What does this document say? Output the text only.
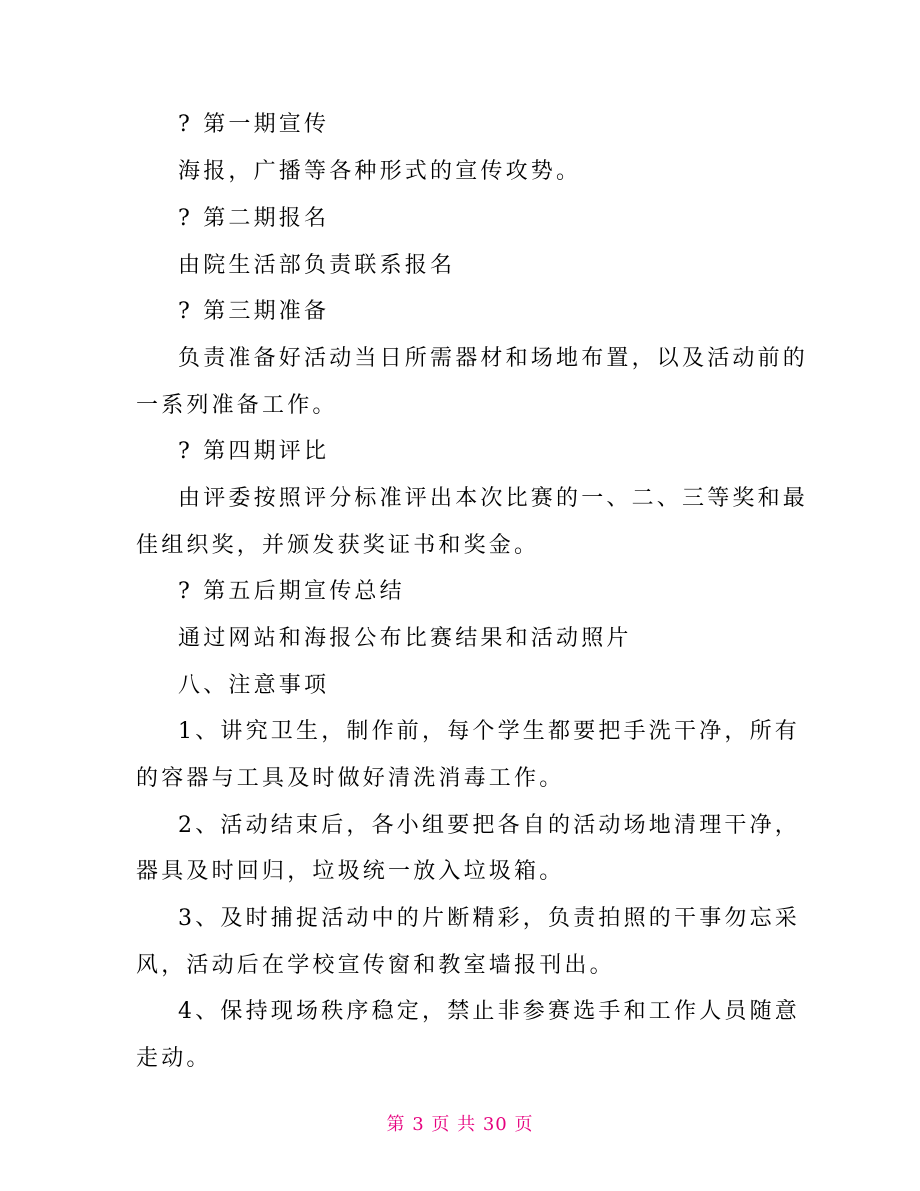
? 第一期宣传
海报，广播等各种形式的宣传攻势。
? 第二期报名
由院生活部负责联系报名
? 第三期准备
负责准备好活动当日所需器材和场地布置，以及活动前的
一系列准备工作。
? 第四期评比
由评委按照评分标准评出本次比赛的一、二、三等奖和最
佳组织奖，并颁发获奖证书和奖金。
? 第五后期宣传总结
通过网站和海报公布比赛结果和活动照片
八、注意事项
1、讲究卫生，制作前，每个学生都要把手洗干净，所有
的容器与工具及时做好清洗消毒工作。
2、活动结束后，各小组要把各自的活动场地清理干净，
器具及时回归，垃圾统一放入垃圾箱。
3、及时捕捉活动中的片断精彩，负责拍照的干事勿忘采
风，活动后在学校宣传窗和教室墙报刊出。
4、保持现场秩序稳定，禁止非参赛选手和工作人员随意
走动。
第 3 页 共 30 页
